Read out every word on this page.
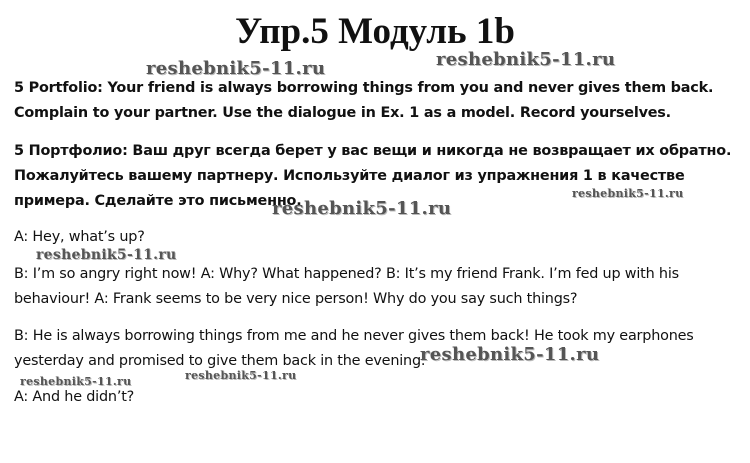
Упр.5 Модуль 1b

5 Portfolio: Your friend is always borrowing things from you and never gives them back. Complain to your partner. Use the dialogue in Ex. 1 as a model. Record yourselves.

5 Портфолио: Ваш друг всегда берет у вас вещи и никогда не возвращает их обратно. Пожалуйтесь вашему партнеру. Используйте диалог из упражнения 1 в качестве примера. Сделайте это письменно.

A: Hey, what’s up?

B: I’m so angry right now! A: Why? What happened? B: It’s my friend Frank. I’m fed up with his behaviour! A: Frank seems to be very nice person! Why do you say such things?

B: He is always borrowing things from me and he never gives them back! He took my earphones yesterday and promised to give them back in the evening.

A: And he didn’t?

reshebnik5-11.ru
reshebnik5-11.ru
reshebnik5-11.ru
reshebnik5-11.ru
reshebnik5-11.ru
reshebnik5-11.ru
reshebnik5-11.ru
reshebnik5-11.ru
